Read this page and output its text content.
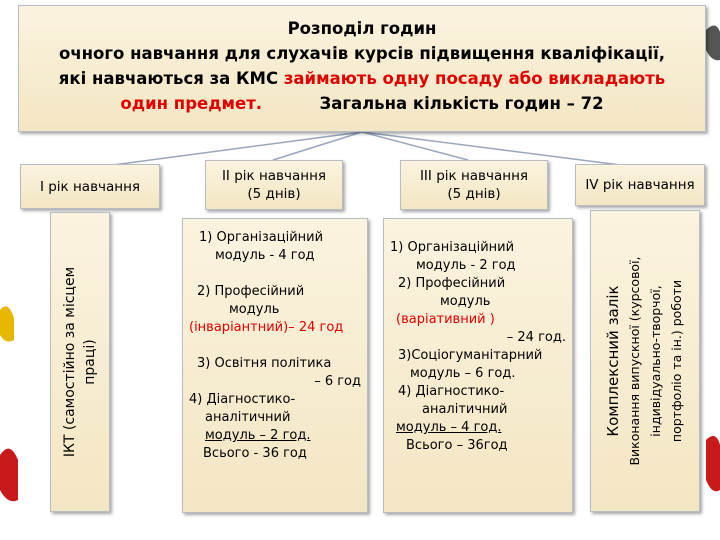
Розподіл годин
очного навчання для слухачів курсів підвищення кваліфікації,
які навчаються за КМС займають одну посаду або викладають
один предмет.          Загальна кількість годин – 72
І рік навчання
ІКТ (самостійно за місцем праці)
ІІ рік навчання
(5 днів)
1) Організаційний
модуль - 4 год
2) Професійний
модуль
(інваріантний)– 24 год
3) Освітня політика
– 6 год
4) Діагностико-
аналітичний
модуль – 2 год.
Всього - 36 год
ІІІ рік навчання
(5 днів)
1) Організаційний
модуль - 2 год
2) Професійний
модуль
(варіативний )
– 24 год.
3)Соціогуманітарний
модуль – 6 год.
4) Діагностико-
аналітичний
модуль – 4 год.
Всього – 36год
IV рік навчання
Комплексний залік Виконання випускної (курсової, індивідуально-творчої, портфоліо та ін.) роботи
